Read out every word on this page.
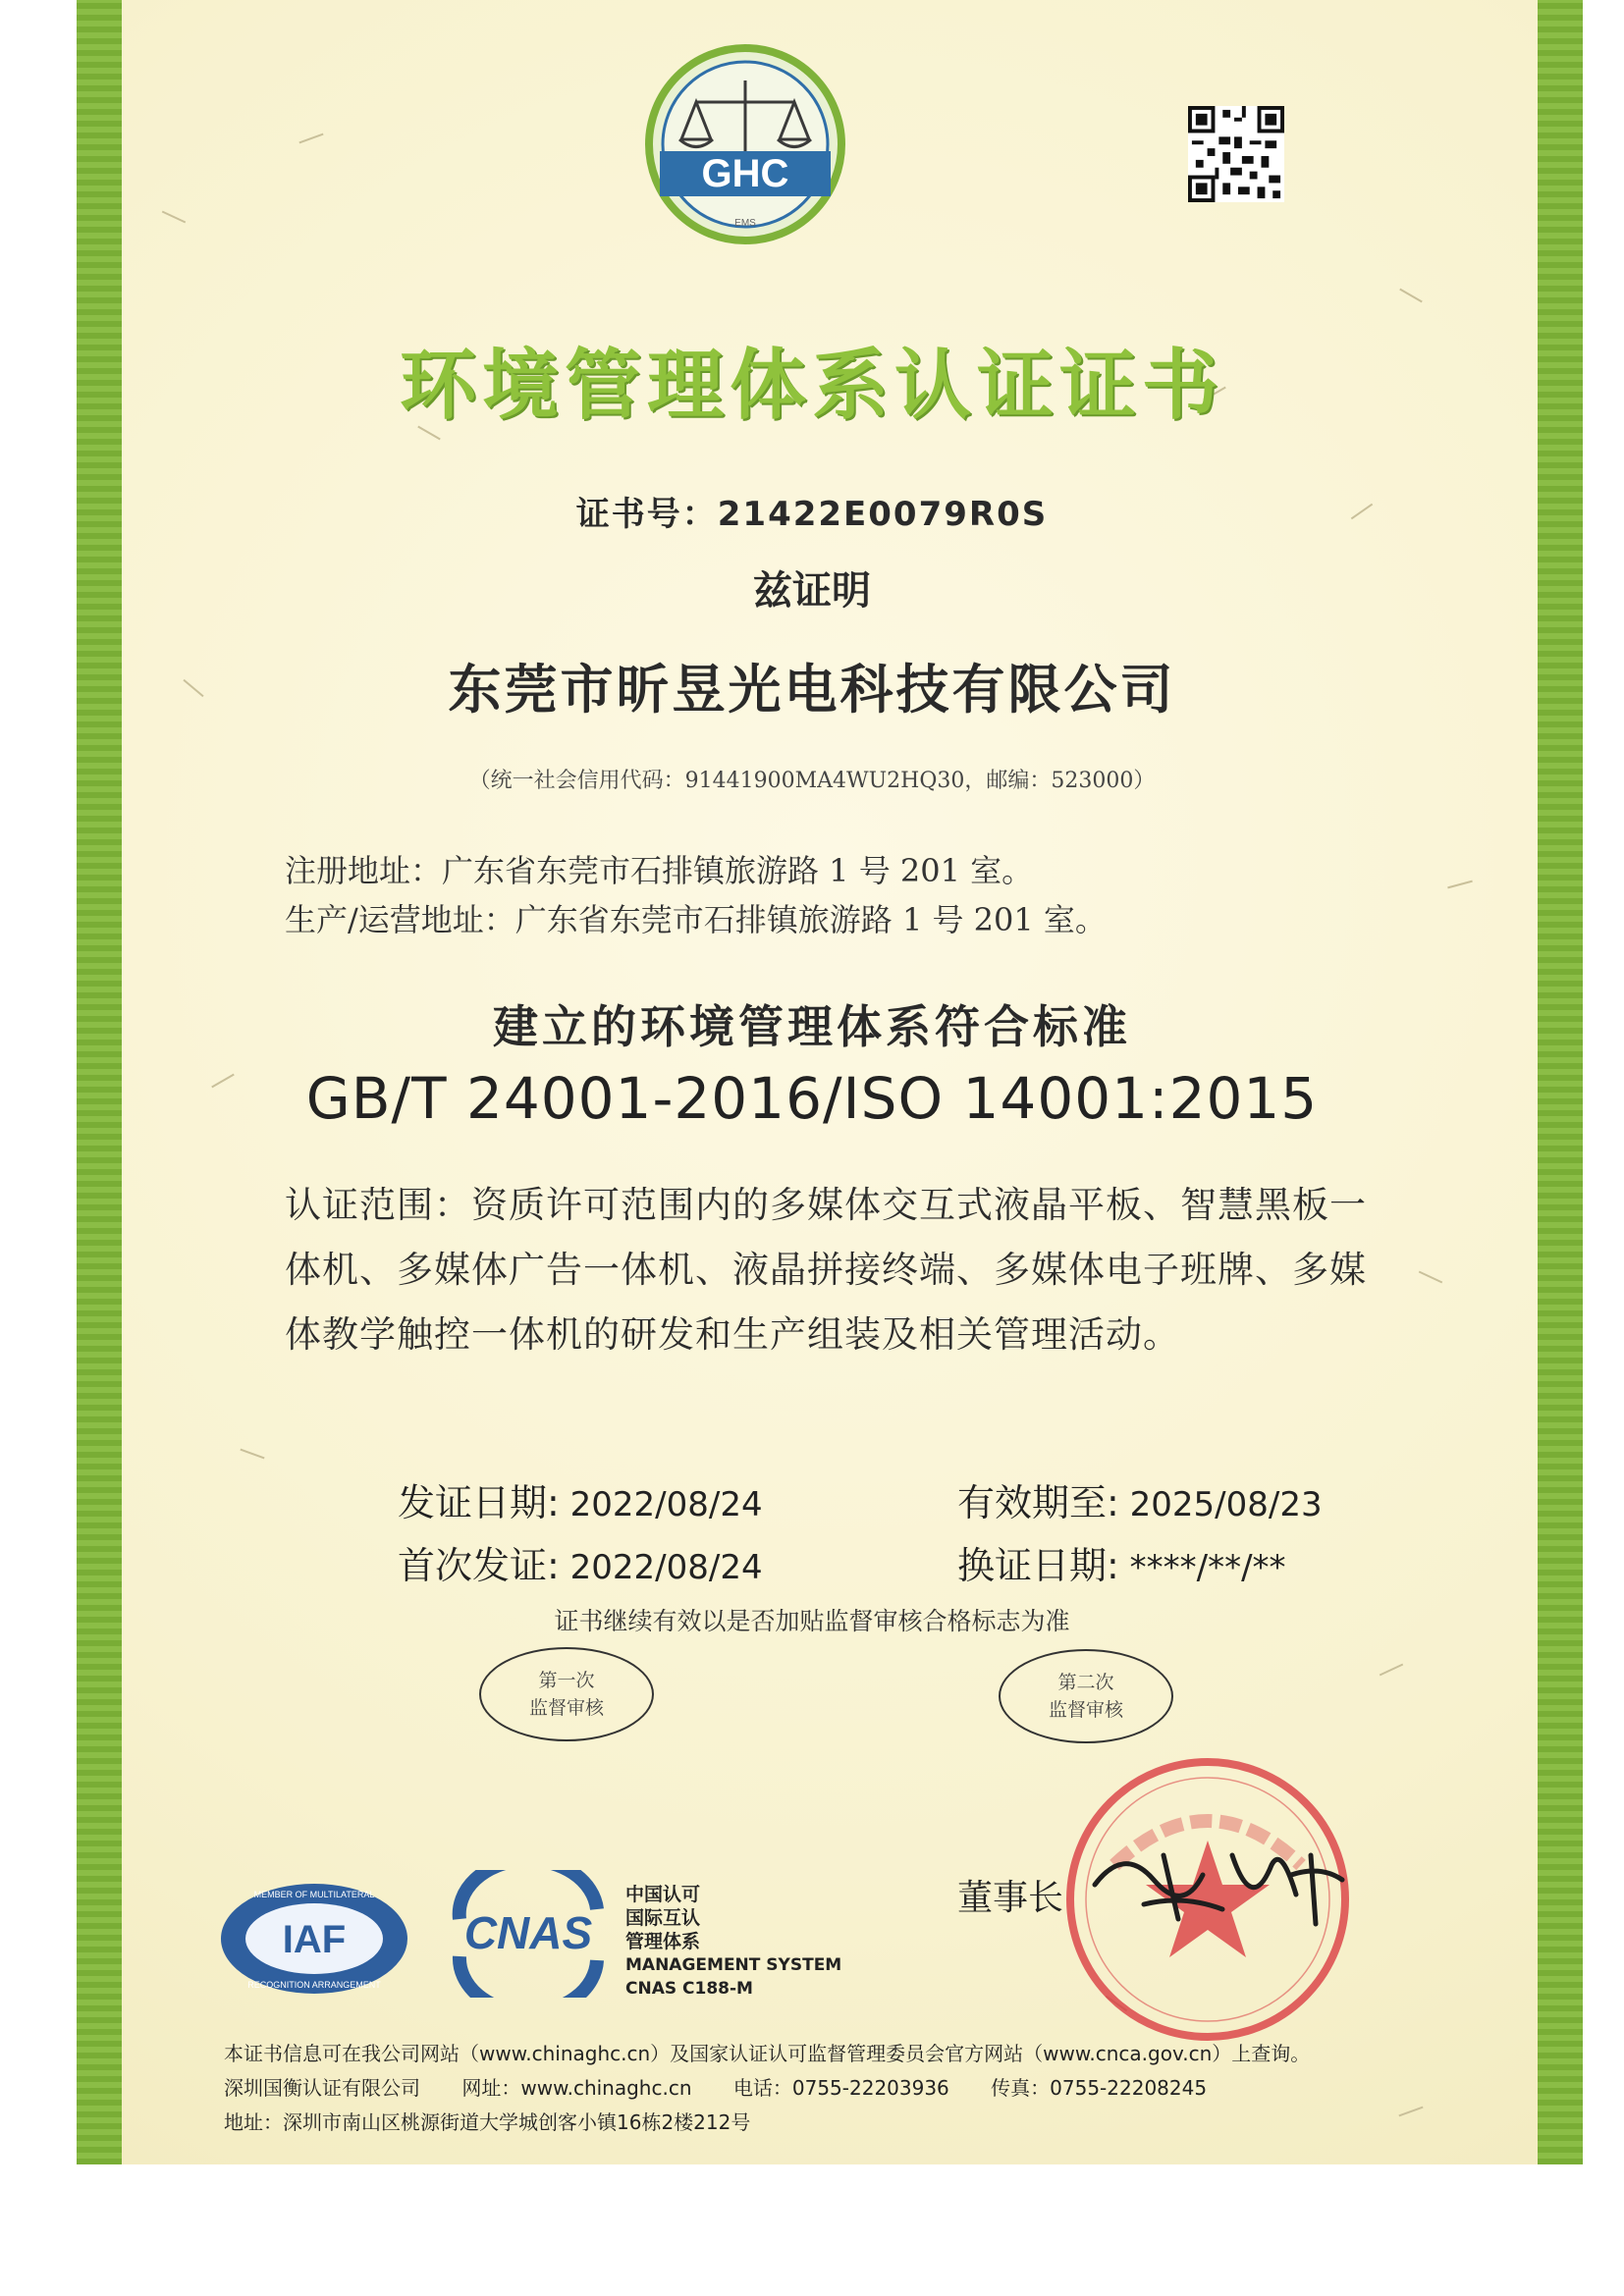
GHC
EMS
环境管理体系认证证书
证书号：21422E0079R0S
兹证明
东莞市昕昱光电科技有限公司
（统一社会信用代码：91441900MA4WU2HQ30，邮编：523000）
注册地址：广东省东莞市石排镇旅游路 1 号 201 室。
生产/运营地址：广东省东莞市石排镇旅游路 1 号 201 室。
建立的环境管理体系符合标准
GB/T 24001-2016/ISO 14001:2015
认证范围：资质许可范围内的多媒体交互式液晶平板、智慧黑板一体机、多媒体广告一体机、液晶拼接终端、多媒体电子班牌、多媒体教学触控一体机的研发和生产组装及相关管理活动。
发证日期: 2022/08/24	有效期至: 2025/08/23
首次发证: 2022/08/24	换证日期: ****/**/**
证书继续有效以是否加贴监督审核合格标志为准
第一次
监督审核
第二次
监督审核
董事长
IAF
MEMBER OF MULTILATERAL
RECOGNITION ARRANGEMENT
CNAS
中国认可
国际互认
管理体系
MANAGEMENT SYSTEM
CNAS C188-M
本证书信息可在我公司网站（www.chinaghc.cn）及国家认证认可监督管理委员会官方网站（www.cnca.gov.cn）上查询。
深圳国衡认证有限公司 网址：www.chinaghc.cn 电话：0755-22203936 传真：0755-22208245
地址：深圳市南山区桃源街道大学城创客小镇16栋2楼212号
